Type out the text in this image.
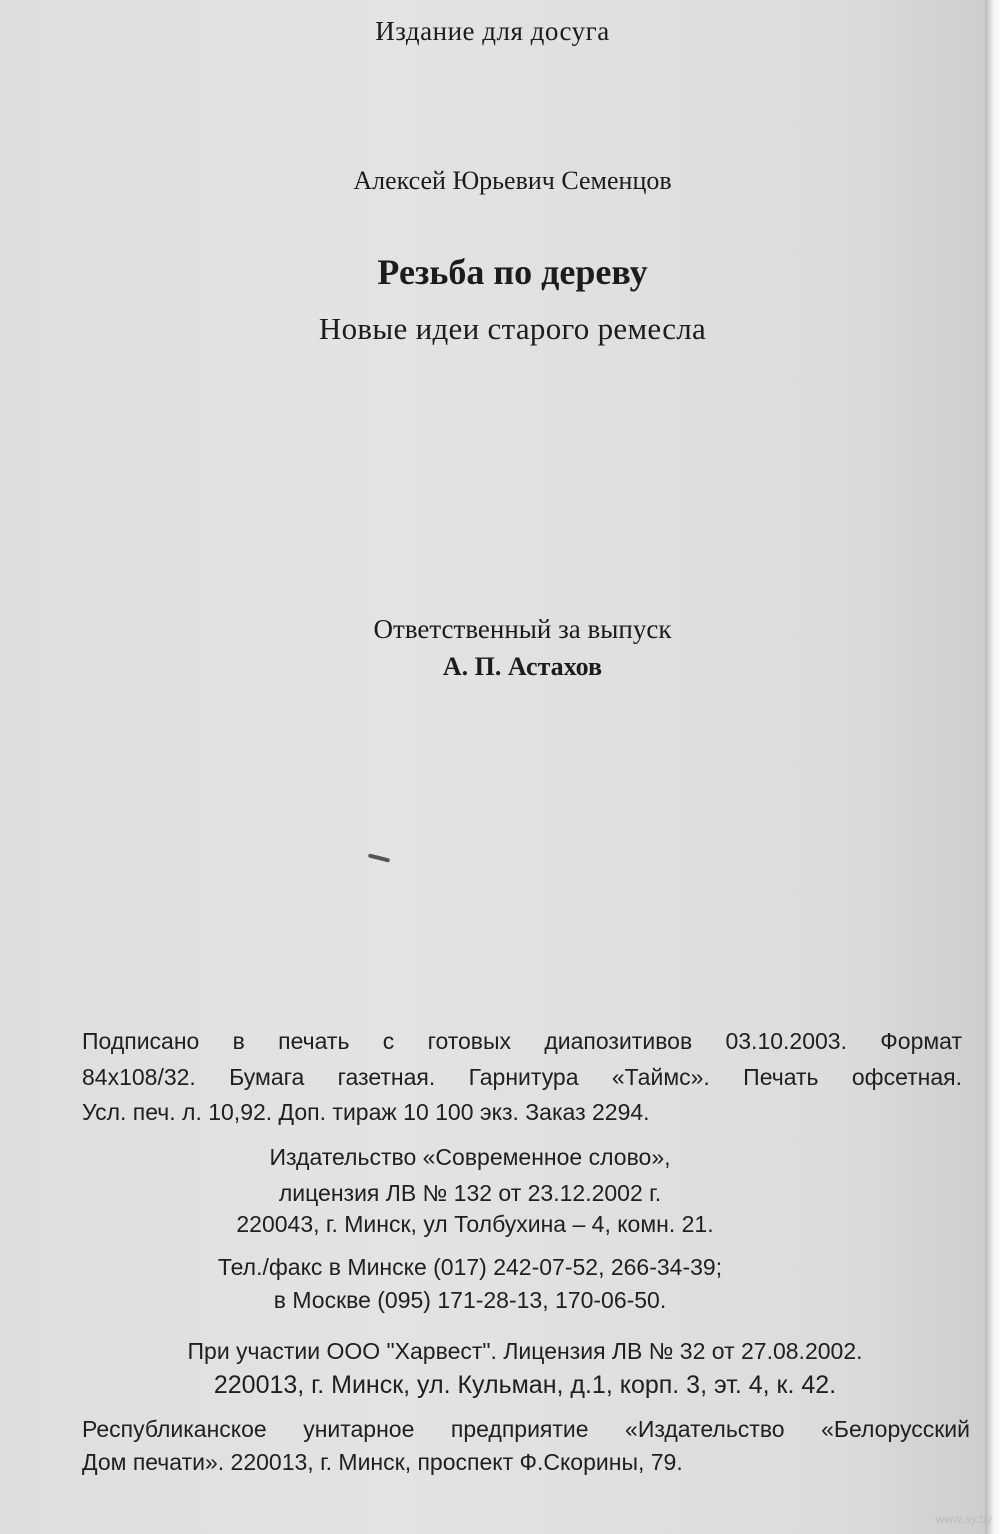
Издание для досуга
Алексей Юрьевич Семенцов
Резьба по дереву
Новые идеи старого ремесла
Ответственный за выпуск
А. П. Астахов
Подписано в печать с готовых диапозитивов 03.10.2003. Формат
84х108/32. Бумага газетная. Гарнитура «Таймс». Печать офсетная.
Усл. печ. л. 10,92. Доп. тираж 10 100 экз. Заказ 2294.
Издательство «Современное слово»,
лицензия ЛВ № 132 от 23.12.2002 г.
220043, г. Минск, ул Толбухина – 4, комн. 21.
Тел./факс в Минске (017) 242-07-52, 266-34-39;
в Москве (095) 171-28-13, 170-06-50.
При участии ООО "Харвест". Лицензия ЛВ № 32 от 27.08.2002.
220013, г. Минск, ул. Кульман, д.1, корп. 3, эт. 4, к. 42.
Республиканское унитарное предприятие «Издательство «Белорусский
Дом печати». 220013, г. Минск, проспект Ф.Скорины, 79.
www.ay.by
